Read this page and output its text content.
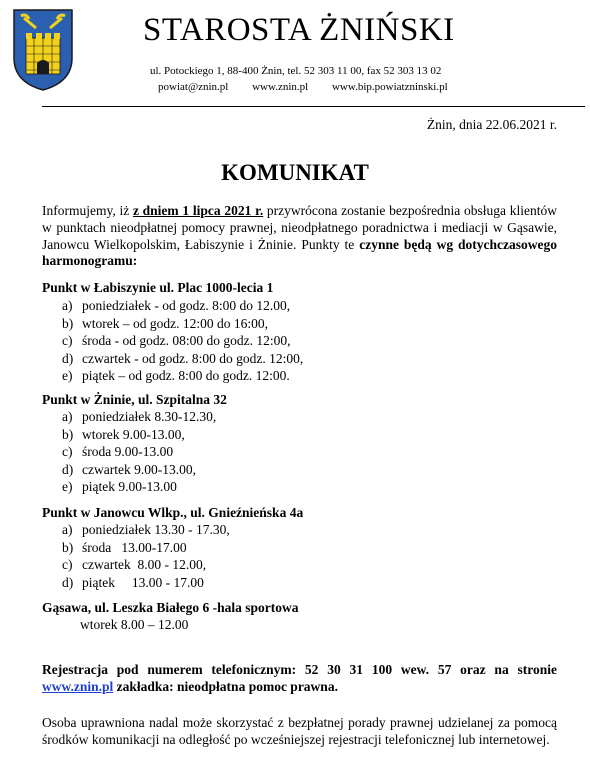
STAROSTA ŻNIŃSKI
ul. Potockiego 1, 88-400 Żnin, tel. 52 303 11 00, fax 52 303 13 02
powiat@znin.pl www.znin.pl www.bip.powiatzninski.pl
Żnin, dnia 22.06.2021 r.
KOMUNIKAT
Informujemy, iż z dniem 1 lipca 2021 r. przywrócona zostanie bezpośrednia obsługa klientów w punktach nieodpłatnej pomocy prawnej, nieodpłatnego poradnictwa i mediacji w Gąsawie, Janowcu Wielkopolskim, Łabiszynie i Żninie. Punkty te czynne będą wg dotychczasowego harmonogramu:
Punkt w Łabiszynie ul. Plac 1000-lecia 1
a) poniedziałek - od godz. 8:00 do 12.00,
b) wtorek – od godz. 12:00 do 16:00,
c) środa - od godz. 08:00 do godz. 12:00,
d) czwartek - od godz. 8:00 do godz. 12:00,
e) piątek – od godz. 8:00 do godz. 12:00.
Punkt w Żninie, ul. Szpitalna 32
a) poniedziałek 8.30-12.30,
b) wtorek 9.00-13.00,
c) środa 9.00-13.00
d) czwartek 9.00-13.00,
e) piątek 9.00-13.00
Punkt w Janowcu Wlkp., ul. Gnieźnieńska 4a
a) poniedziałek 13.30 - 17.30,
b) środa   13.00-17.00
c) czwartek  8.00 - 12.00,
d) piątek     13.00 - 17.00
Gąsawa, ul. Leszka Białego 6 -hala sportowa
wtorek 8.00 – 12.00
Rejestracja pod numerem telefonicznym: 52 30 31 100 wew. 57 oraz na stronie www.znin.pl zakładka: nieodpłatna pomoc prawna.
Osoba uprawniona nadal może skorzystać z bezpłatnej porady prawnej udzielanej za pomocą środków komunikacji na odległość po wcześniejszej rejestracji telefonicznej lub internetowej.
